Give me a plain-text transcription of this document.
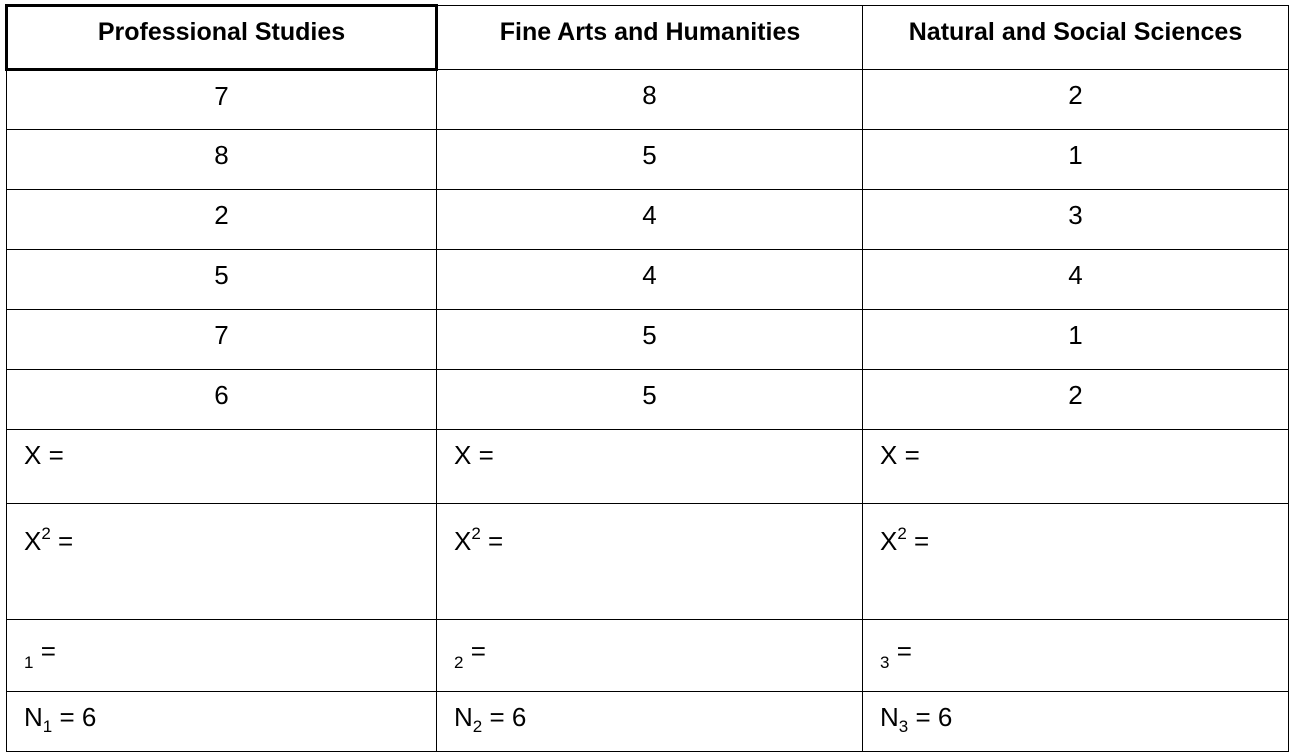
Professional Studies	Fine Arts and Humanities	Natural and Social Sciences
7	8	2
8	5	1
2	4	3
5	4	4
7	5	1
6	5	2
X =	X =	X =
$X^2$ =	$X^2$ =	$X^2$ =
$_1$ =	$_2$ =	$_3$ =
$N_1 = 6$	$N_2 = 6$	$N_3 = 6$
